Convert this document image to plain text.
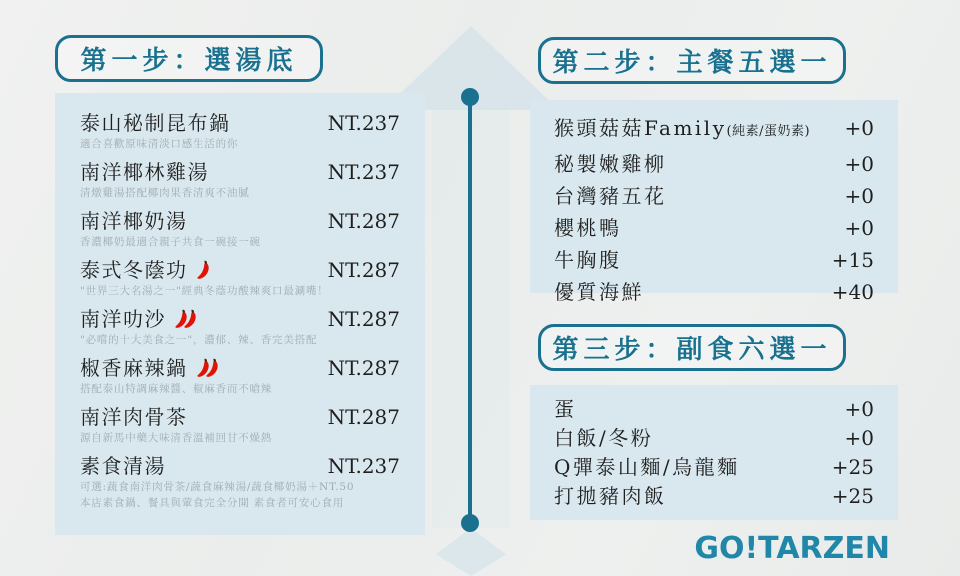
第一步：選湯底
泰山秘制昆布鍋	NT.237
適合喜歡原味清淡口感生活的你
南洋椰林雞湯	NT.237
清燉雞湯搭配椰肉果香清爽不油膩
南洋椰奶湯	NT.287
香濃椰奶最適合親子共食一碗接一碗
泰式冬蔭功	NT.287
"世界三大名湯之一"經典冬蔭功酸辣爽口最涮嘴！
南洋叻沙	NT.287
"必嚐的十大美食之一"，濃郁、辣、香完美搭配
椒香麻辣鍋	NT.287
搭配泰山特調麻辣醬、椒麻香而不嗆辣
南洋肉骨茶	NT.287
源自新馬中藥大味清香溫補回甘不燥熱
素食清湯	NT.237
可選:蔬食南洋肉骨茶/蔬食麻辣湯/蔬食椰奶湯＋NT.50
本店素食鍋、餐具與葷食完全分開 素食者可安心食用
第二步：主餐五選一
猴頭菇菇Family(純素/蛋奶素) +0
秘製嫩雞柳	+0
台灣豬五花	+0
櫻桃鴨	+0
牛胸腹	+15
優質海鮮	+40
第三步：副食六選一
蛋	+0
白飯/冬粉	+0
Q彈泰山麵/烏龍麵	+25
打拋豬肉飯	+25
GO!TARZEN
